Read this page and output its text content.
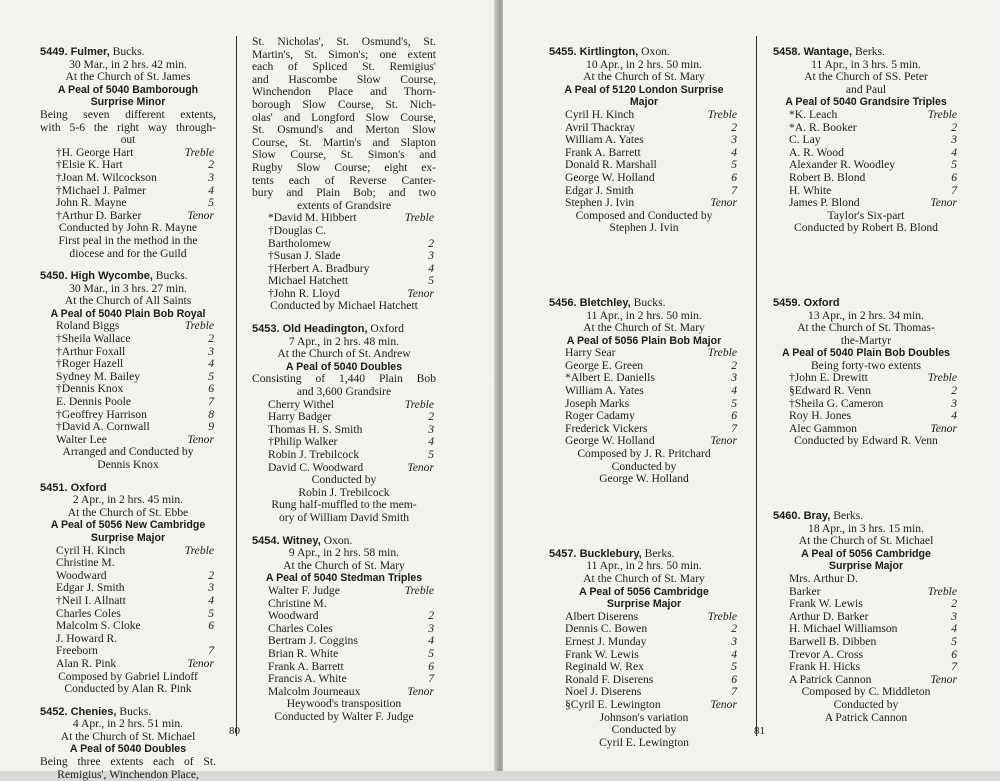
5449. Fulmer, Bucks.
30 Mar., in 2 hrs. 42 min.
At the Church of St. James
A Peal of 5040 Bamborough
Surprise Minor
Being seven different extents,
with 5-6 the right way through-
out
†H. George Hart	Treble
†Elsie K. Hart	2
†Joan M. Wilcockson	3
†Michael J. Palmer	4
John R. Mayne	5
†Arthur D. Barker	Tenor
Conducted by John R. Mayne
First peal in the method in the
diocese and for the Guild
5450. High Wycombe, Bucks.
30 Mar., in 3 hrs. 27 min.
At the Church of All Saints
A Peal of 5040 Plain Bob Royal
Roland Biggs	Treble
†Sheila Wallace	2
†Arthur Foxall	3
†Roger Hazell	4
Sydney M. Bailey	5
†Dennis Knox	6
E. Dennis Poole	7
†Geoffrey Harrison	8
†David A. Cornwall	9
Walter Lee	Tenor
Arranged and Conducted by
Dennis Knox
5451. Oxford
2 Apr., in 2 hrs. 45 min.
At the Church of St. Ebbe
A Peal of 5056 New Cambridge
Surprise Major
Cyril H. Kinch	Treble
Christine M.
Woodward	2
Edgar J. Smith	3
†Neil I. Allnatt	4
Charles Coles	5
Malcolm S. Cloke	6
J. Howard R.
Freeborn	7
Alan R. Pink	Tenor
Composed by Gabriel Lindoff
Conducted by Alan R. Pink
5452. Chenies, Bucks.
4 Apr., in 2 hrs. 51 min.
At the Church of St. Michael
A Peal of 5040 Doubles
Being three extents each of St.
Remigius', Winchendon Place,
St. Nicholas', St. Osmund's, St.
Martin's, St. Simon's; one extent
each of Spliced St. Remigius'
and Hascombe Slow Course,
Winchendon Place and Thorn-
borough Slow Course, St. Nich-
olas' and Longford Slow Course,
St. Osmund's and Merton Slow
Course, St. Martin's and Slapton
Slow Course, St. Simon's and
Rugby Slow Course; eight ex-
tents each of Reverse Canter-
bury and Plain Bob; and two
extents of Grandsire
*David M. Hibbert	Treble
†Douglas C.
Bartholomew	2
†Susan J. Slade	3
†Herbert A. Bradbury	4
Michael Hatchett	5
†John R. Lloyd	Tenor
Conducted by Michael Hatchett
5453. Old Headington, Oxford
7 Apr., in 2 hrs. 48 min.
At the Church of St. Andrew
A Peal of 5040 Doubles
Consisting of 1,440 Plain Bob
and 3,600 Grandsire
Cherry Withel	Treble
Harry Badger	2
Thomas H. S. Smith	3
†Philip Walker	4
Robin J. Trebilcock	5
David C. Woodward	Tenor
Conducted by
Robin J. Trebilcock
Rung half-muffled to the mem-
ory of William David Smith
5454. Witney, Oxon.
9 Apr., in 2 hrs. 58 min.
At the Church of St. Mary
A Peal of 5040 Stedman Triples
Walter F. Judge	Treble
Christine M.
Woodward	2
Charles Coles	3
Bertram J. Coggins	4
Brian R. White	5
Frank A. Barrett	6
Francis A. White	7
Malcolm Journeaux	Tenor
Heywood's transposition
Conducted by Walter F. Judge
80
5455. Kirtlington, Oxon.
10 Apr., in 2 hrs. 50 min.
At the Church of St. Mary
A Peal of 5120 London Surprise
Major
Cyril H. Kinch	Treble
Avril Thackray	2
William A. Yates	3
Frank A. Barrett	4
Donald R. Marshall	5
George W. Holland	6
Edgar J. Smith	7
Stephen J. Ivin	Tenor
Composed and Conducted by
Stephen J. Ivin
5456. Bletchley, Bucks.
11 Apr., in 2 hrs. 50 min.
At the Church of St. Mary
A Peal of 5056 Plain Bob Major
Harry Sear	Treble
George E. Green	2
*Albert E. Daniells	3
William A. Yates	4
Joseph Marks	5
Roger Cadamy	6
Frederick Vickers	7
George W. Holland	Tenor
Composed by J. R. Pritchard
Conducted by
George W. Holland
5457. Bucklebury, Berks.
11 Apr., in 2 hrs. 50 min.
At the Church of St. Mary
A Peal of 5056 Cambridge
Surprise Major
Albert Diserens	Treble
Dennis C. Bowen	2
Ernest J. Munday	3
Frank W. Lewis	4
Reginald W. Rex	5
Ronald F. Diserens	6
Noel J. Diserens	7
§Cyril E. Lewington	Tenor
Johnson's variation
Conducted by
Cyril E. Lewington
5458. Wantage, Berks.
11 Apr., in 3 hrs. 5 min.
At the Church of SS. Peter
and Paul
A Peal of 5040 Grandsire Triples
*K. Leach	Treble
*A. R. Booker	2
C. Lay	3
A. R. Wood	4
Alexander R. Woodley	5
Robert B. Blond	6
H. White	7
James P. Blond	Tenor
Taylor's Six-part
Conducted by Robert B. Blond
5459. Oxford
13 Apr., in 2 hrs. 34 min.
At the Church of St. Thomas-
the-Martyr
A Peal of 5040 Plain Bob Doubles
Being forty-two extents
†John E. Drewitt	Treble
§Edward R. Venn	2
†Sheila G. Cameron	3
Roy H. Jones	4
Alec Gammon	Tenor
Conducted by Edward R. Venn
5460. Bray, Berks.
18 Apr., in 3 hrs. 15 min.
At the Church of St. Michael
A Peal of 5056 Cambridge
Surprise Major
Mrs. Arthur D.
Barker	Treble
Frank W. Lewis	2
Arthur D. Barker	3
H. Michael Williamson	4
Barwell B. Dibben	5
Trevor A. Cross	6
Frank H. Hicks	7
A Patrick Cannon	Tenor
Composed by C. Middleton
Conducted by
A Patrick Cannon
81
